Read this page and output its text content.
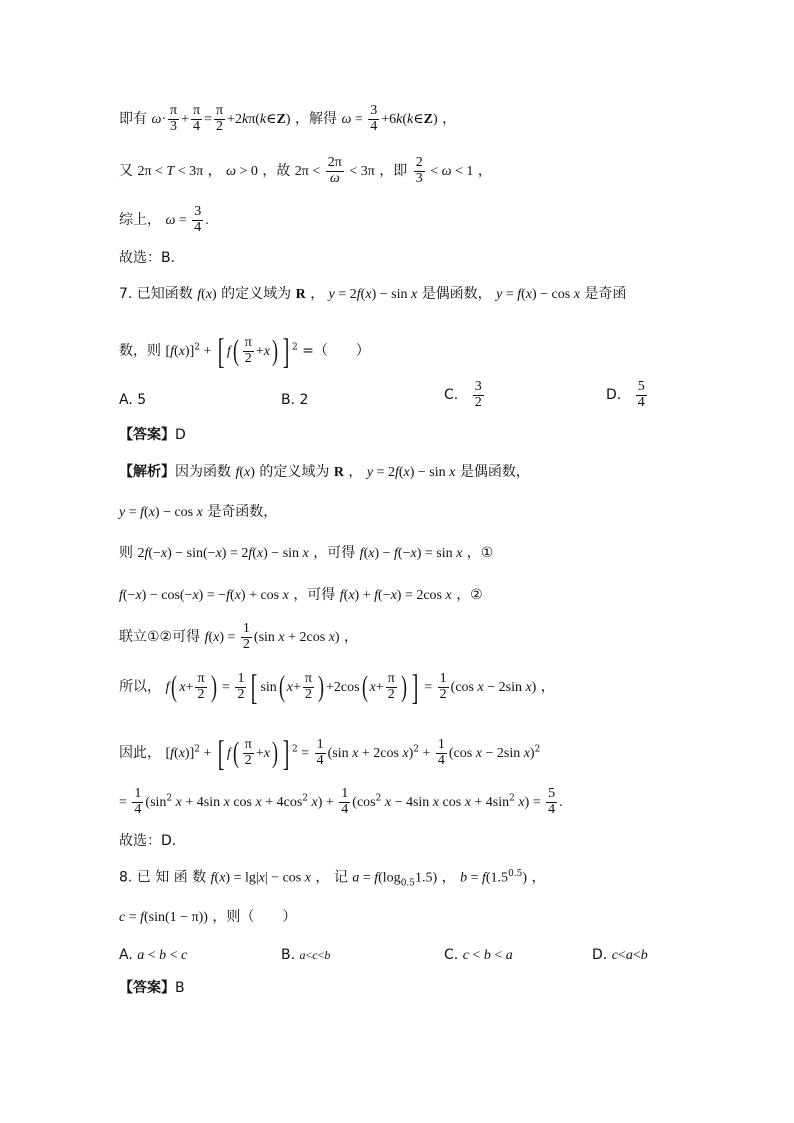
即有 $\omega\cdot \frac{\pi}{3} + \frac{\pi}{4} = \frac{\pi}{2}$ +2kπ(k∈Z) ，解得 $\omega = \frac{3}{4}$ +6k(k∈Z) ，
又 2π < T < 3π ， ω > 0 ，故 $2\pi < \frac{2\pi}{\omega} < 3\pi$ ，即 $\frac{2}{3} < \omega < 1$ ，
综上， $\omega = \frac{3}{4}$ .
故选：B.
7. 已知函数 f(x) 的定义域为 R ， y = 2f(x) − sin x 是偶函数， y = f(x) − cos x 是奇函
数，则 $[f(x)]^2$ + [ $f( \frac{\pi}{2} +x)$ ] $^2$ =（　　）
A. 5	B. 2	C. $\frac{3}{2}$	D. $\frac{5}{4}$
【答案】D
【解析】因为函数 f(x) 的定义域为 R ， y = 2f(x) − sin x 是偶函数，
y = f(x) − cos x 是奇函数，
则 2f(−x) − sin(−x) = 2f(x) − sin x ，可得 f(x) − f(−x) = sin x ，①
f(−x) − cos(−x) = −f(x) + cos x ，可得 f(x) + f(−x) = 2cos x ，②
联立①②可得 $f(x) = \frac{1}{2} (\sin$ x + 2cos x) ，
所以， f( $x+ \frac{\pi}{2}$ ) = $\frac{1}{2}$ [ sin( $x+ \frac{\pi}{2}$ ) +2cos( $x+ \frac{\pi}{2}$ ) ] = $\frac{1}{2} (\cos$ x − 2sin x) ，
因此， $[f(x)]^2$ + [ $f( \frac{\pi}{2} +x)$ ] $^2 = \frac{1}{4} (\sin$ x + 2cos $x)^2 + \frac{1}{4} (\cos$ x − 2sin x)$^2$
= $\frac{1}{4} (\sin^2$ x + 4sin x $\cos x + 4\cos^2$ $x) + \frac{1}{4} (\cos^2$ x − 4sin x $\cos x + 4\sin^2$ $x) = \frac{5}{4}$ .
故选：D.
8. 已 知 函 数 f(x) = lg|x| − cos x ， 记 $a = f(\log_{0.5}1.5)$ ， $b = f(1.5^{0.5})$ ，
c = f(sin(1 − π)) ，则（　　）
A. a < b < c	B. a<c<b	C. c < b < a	D. c<a<b
【答案】B
